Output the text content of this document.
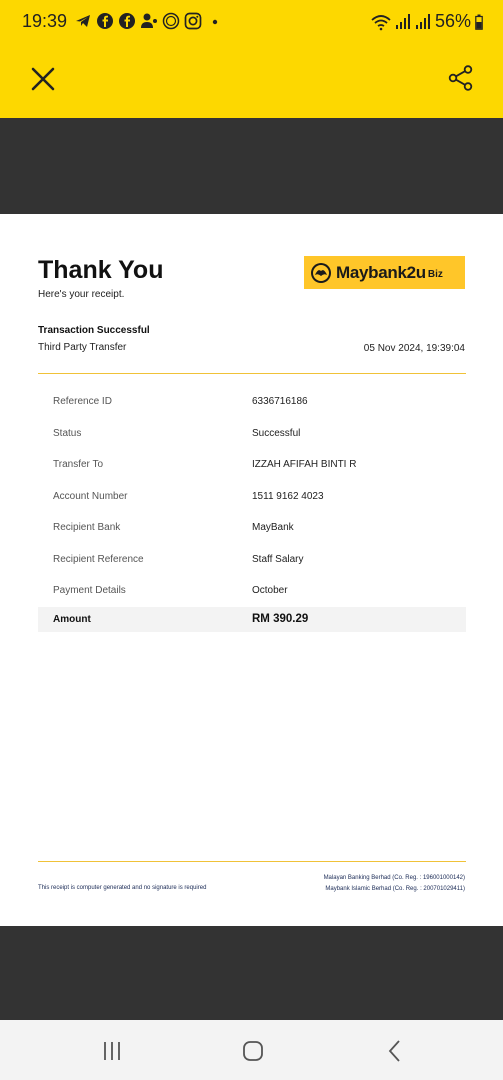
19:39	56%
Thank You
Here's your receipt.
Maybank2u Biz
Transaction Successful
Third Party Transfer	05 Nov 2024, 19:39:04
Reference ID	6336716186
Status	Successful
Transfer To	IZZAH AFIFAH BINTI R
Account Number	1511 9162 4023
Recipient Bank	MayBank
Recipient Reference	Staff Salary
Payment Details	October
Amount	RM 390.29
This receipt is computer generated and no signature is required
Malayan Banking Berhad (Co. Reg. : 196001000142)
Maybank Islamic Berhad (Co. Reg. : 200701029411)
